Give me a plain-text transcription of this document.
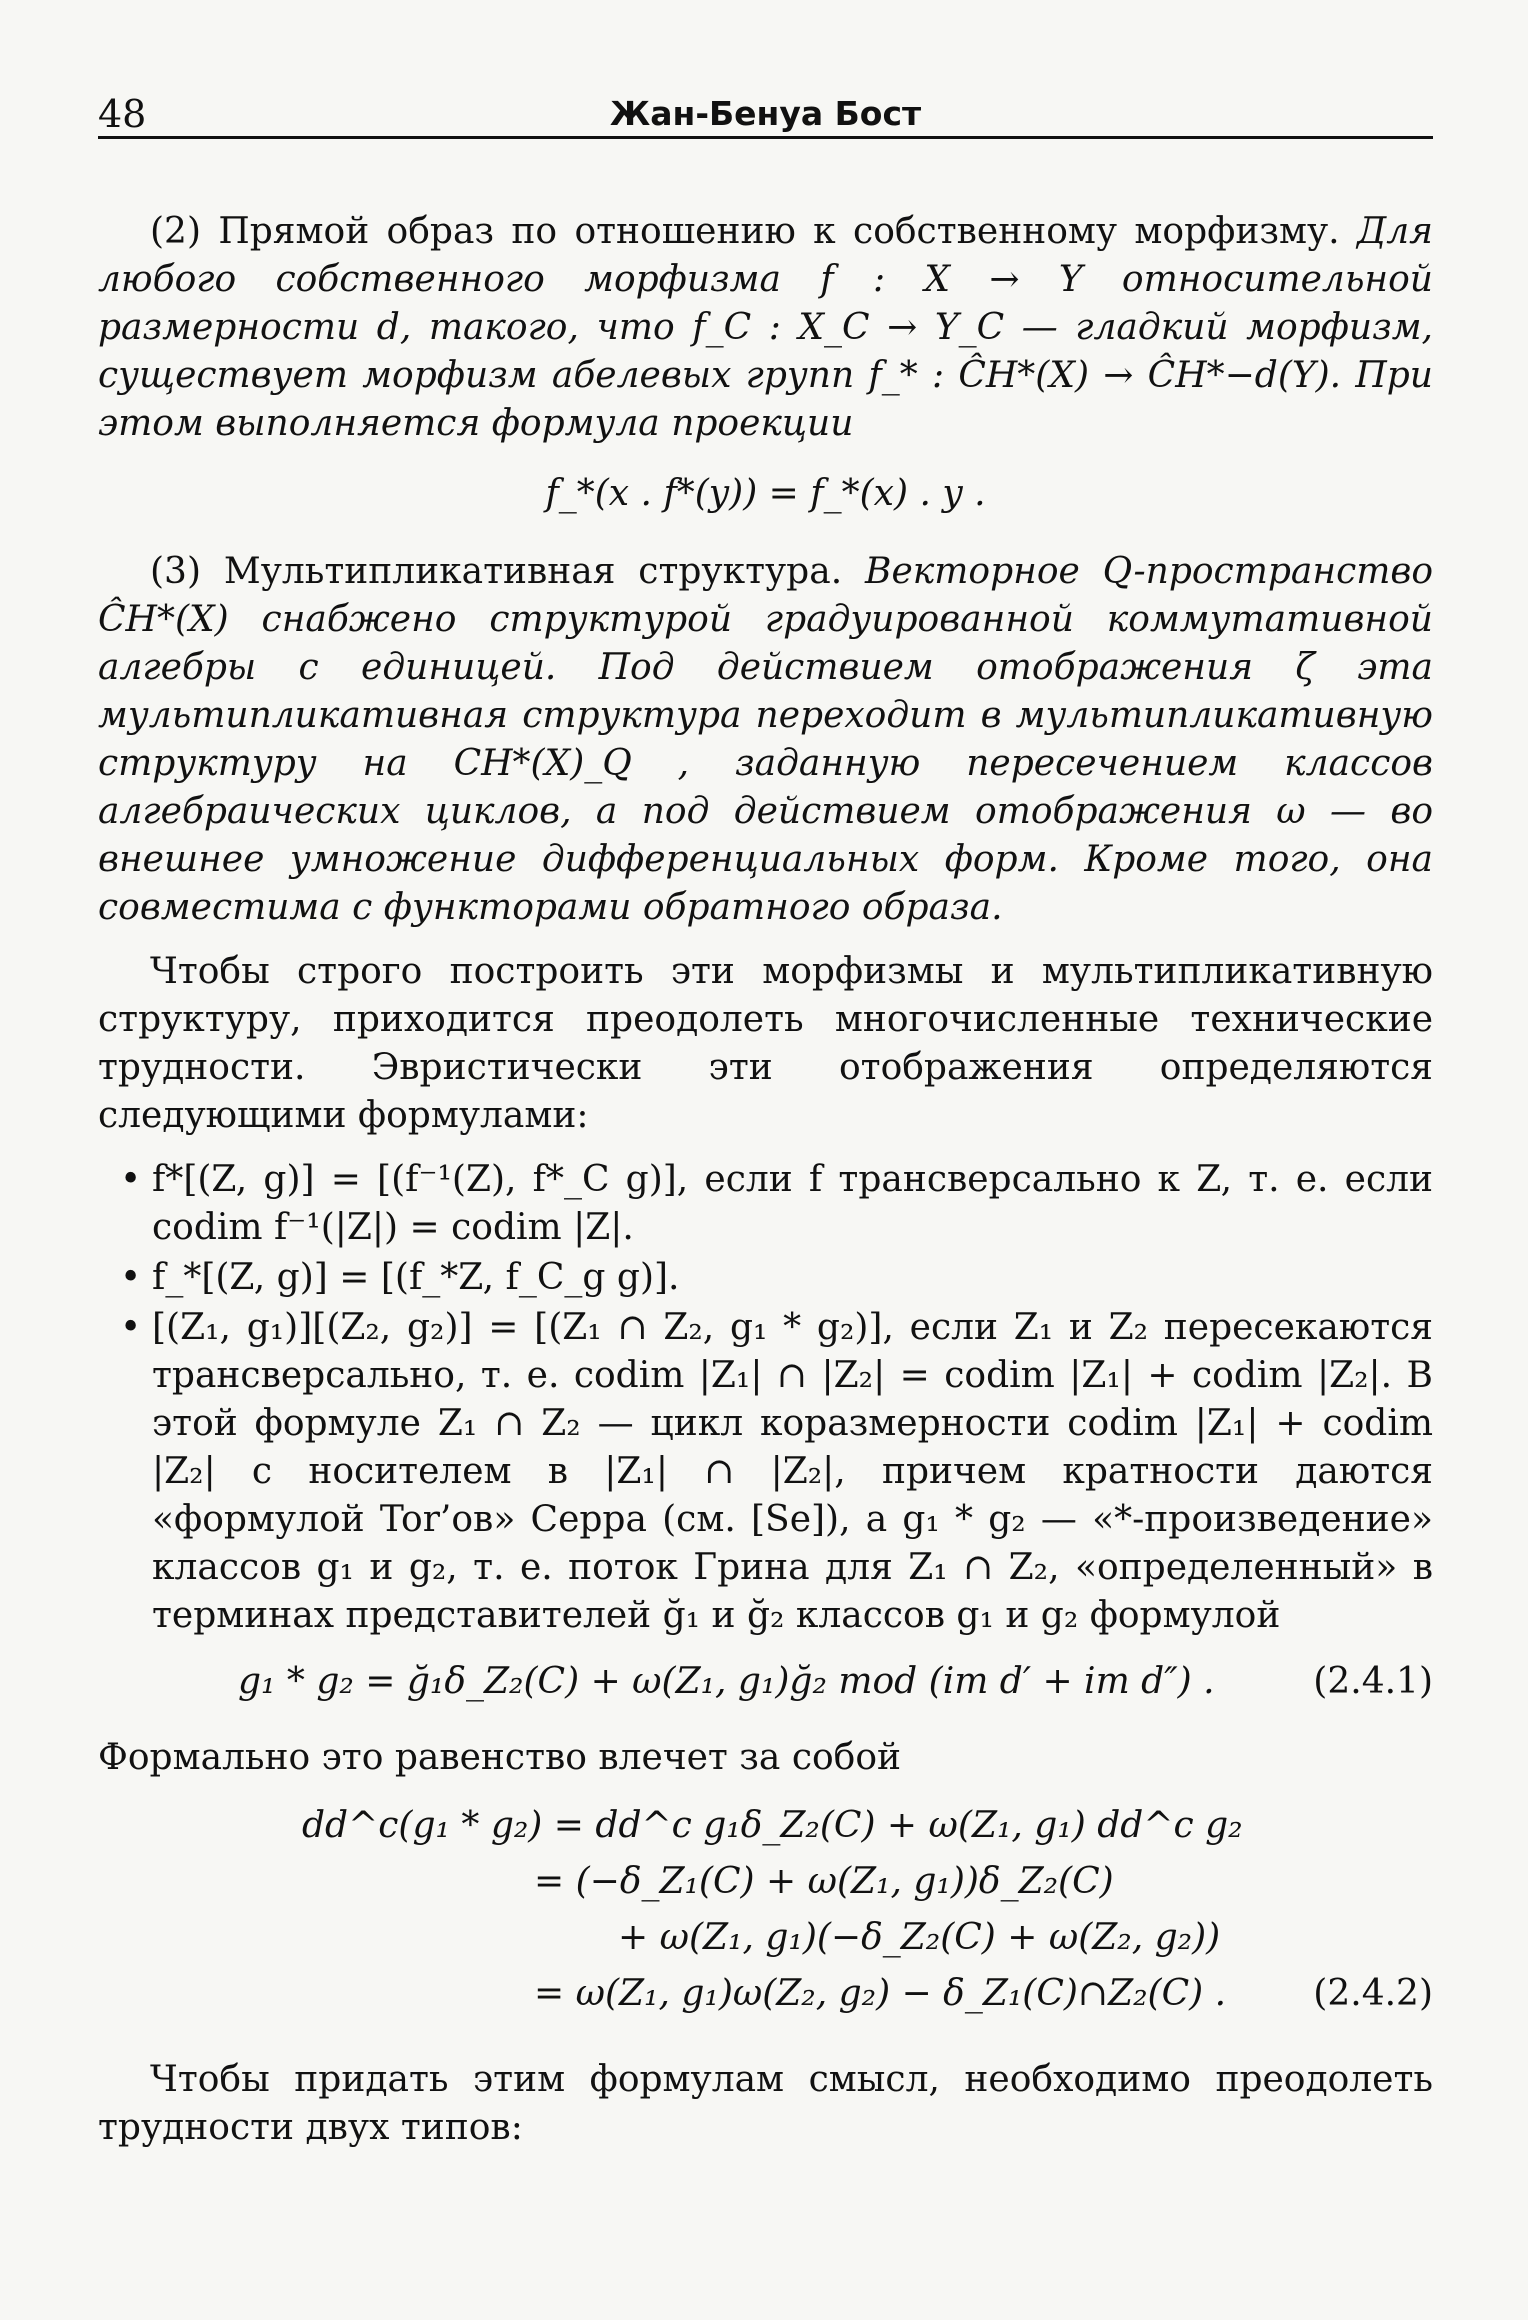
48	Жан-Бенуа Бост

(2) Прямой образ по отношению к собственному морфизму. Для любого собственного морфизма f : X → Y относительной размерности d, такого, что f_C : X_C → Y_C — гладкий морфизм, существует морфизм абелевых групп f_* : ĈH*(X) → ĈH*−d(Y). При этом выполняется формула проекции

f_*(x . f*(y)) = f_*(x) . y .

(3) Мультипликативная структура. Векторное Q-пространство ĈH*(X) снабжено структурой градуированной коммутативной алгебры с единицей. Под действием отображения ζ эта мультипликативная структура переходит в мультипликативную структуру на CH*(X)_Q , заданную пересечением классов алгебраических циклов, а под действием отображения ω — во внешнее умножение дифференциальных форм. Кроме того, она совместима с функторами обратного образа.

Чтобы строго построить эти морфизмы и мультипликативную структуру, приходится преодолеть многочисленные технические трудности. Эвристически эти отображения определяются следующими формулами:

• f*[(Z, g)] = [(f⁻¹(Z), f*_C g)], если f трансверсально к Z, т. е. если codim f⁻¹(|Z|) = codim |Z|.
• f_*[(Z, g)] = [(f_*Z, f_C_g g)].
• [(Z₁, g₁)][(Z₂, g₂)] = [(Z₁ ∩ Z₂, g₁ * g₂)], если Z₁ и Z₂ пересекаются трансверсально, т. е. codim |Z₁| ∩ |Z₂| = codim |Z₁| + codim |Z₂|. В этой формуле Z₁ ∩ Z₂ — цикл коразмерности codim |Z₁| + codim |Z₂| с носителем в |Z₁| ∩ |Z₂|, причем кратности даются «формулой Tor’ов» Серра (см. [Se]), а g₁ * g₂ — «*-произведение» классов g₁ и g₂, т. е. поток Грина для Z₁ ∩ Z₂, «определенный» в терминах представителей ğ₁ и ğ₂ классов g₁ и g₂ формулой
g₁ * g₂ = ğ₁δ_Z₂(C) + ω(Z₁, g₁)ğ₂ mod (im d′ + im d″) .	(2.4.1)

Формально это равенство влечет за собой

dd^c(g₁ * g₂) = dd^c g₁δ_Z₂(C) + ω(Z₁, g₁) dd^c g₂
= (−δ_Z₁(C) + ω(Z₁, g₁))δ_Z₂(C)
+ ω(Z₁, g₁)(−δ_Z₂(C) + ω(Z₂, g₂))
= ω(Z₁, g₁)ω(Z₂, g₂) − δ_Z₁(C)∩Z₂(C) . (2.4.2)

Чтобы придать этим формулам смысл, необходимо преодолеть трудности двух типов:
